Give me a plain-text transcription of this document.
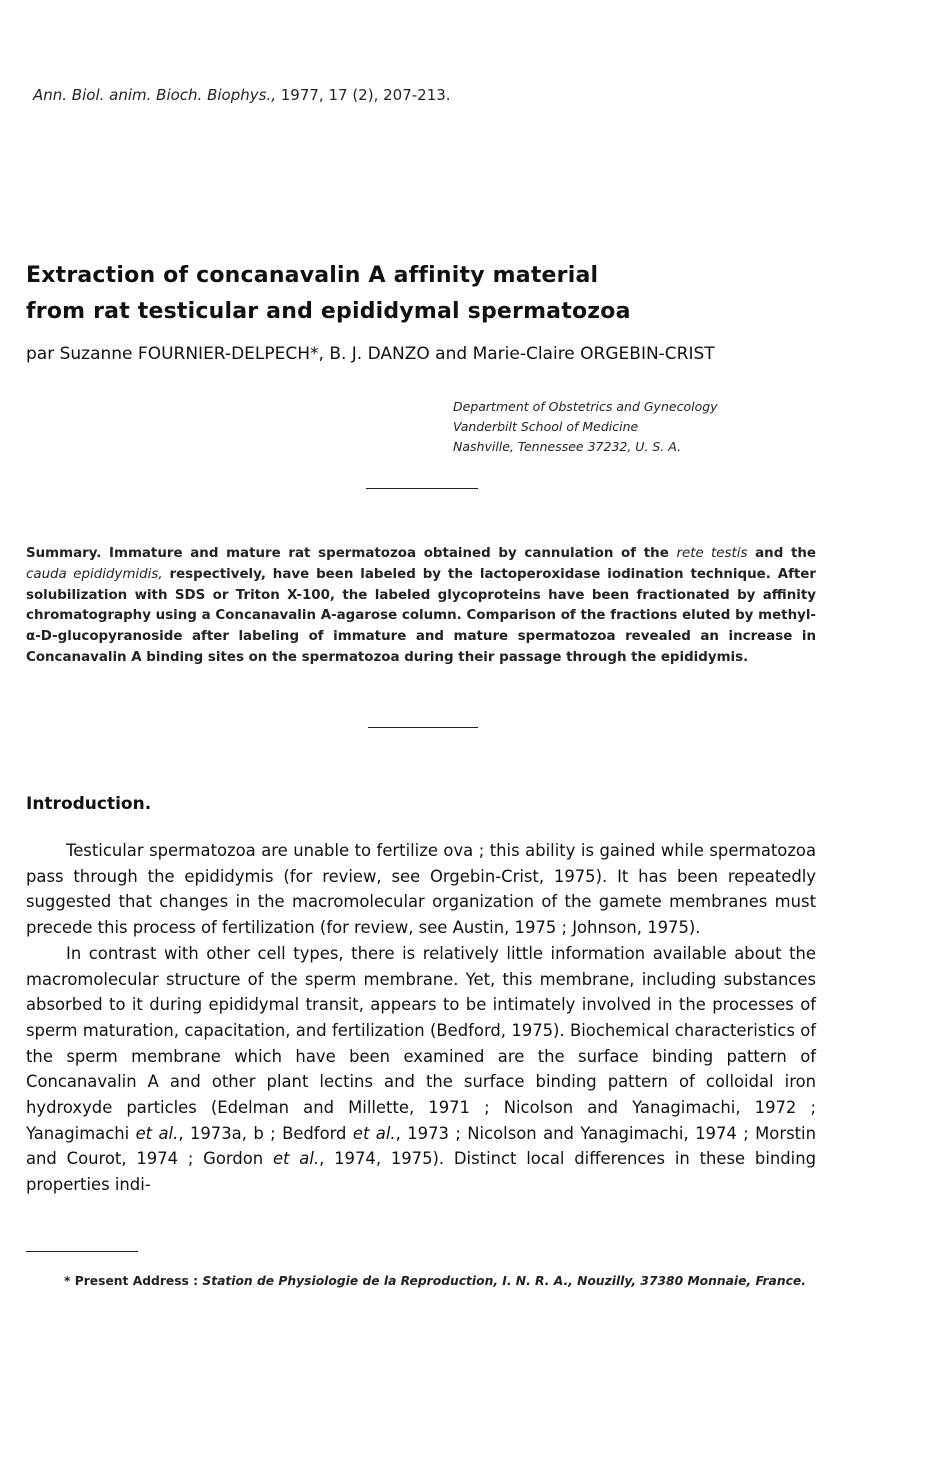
Ann. Biol. anim. Bioch. Biophys., 1977, 17 (2), 207-213.
Extraction of concanavalin A affinity material
from rat testicular and epididymal spermatozoa
par Suzanne FOURNIER-DELPECH*, B. J. DANZO and Marie-Claire ORGEBIN-CRIST
Department of Obstetrics and Gynecology
Vanderbilt School of Medicine
Nashville, Tennessee 37232, U. S. A.
Summary. Immature and mature rat spermatozoa obtained by cannulation of the rete testis and the cauda epididymidis, respectively, have been labeled by the lactoperoxidase iodination technique. After solubilization with SDS or Triton X-100, the labeled glycoproteins have been fractionated by affinity chromatography using a Concanavalin A-agarose column. Comparison of the fractions eluted by methyl-α-D-glucopyranoside after labeling of immature and mature spermatozoa revealed an increase in Concanavalin A binding sites on the spermatozoa during their passage through the epididymis.
Introduction.

Testicular spermatozoa are unable to fertilize ova ; this ability is gained while spermatozoa pass through the epididymis (for review, see Orgebin-Crist, 1975). It has been repeatedly suggested that changes in the macromolecular organization of the gamete membranes must precede this process of fertilization (for review, see Austin, 1975 ; Johnson, 1975).

In contrast with other cell types, there is relatively little information available about the macromolecular structure of the sperm membrane. Yet, this membrane, including substances absorbed to it during epididymal transit, appears to be intimately involved in the processes of sperm maturation, capacitation, and fertilization (Bedford, 1975). Biochemical characteristics of the sperm membrane which have been examined are the surface binding pattern of Concanavalin A and other plant lectins and the surface binding pattern of colloidal iron hydroxyde particles (Edelman and Millette, 1971 ; Nicolson and Yanagimachi, 1972 ; Yanagimachi et al., 1973a, b ; Bedford et al., 1973 ; Nicolson and Yanagimachi, 1974 ; Morstin and Courot, 1974 ; Gordon et al., 1974, 1975). Distinct local differences in these binding properties indi-

* Present Address : Station de Physiologie de la Reproduction, I. N. R. A., Nouzilly, 37380 Monnaie, France.
